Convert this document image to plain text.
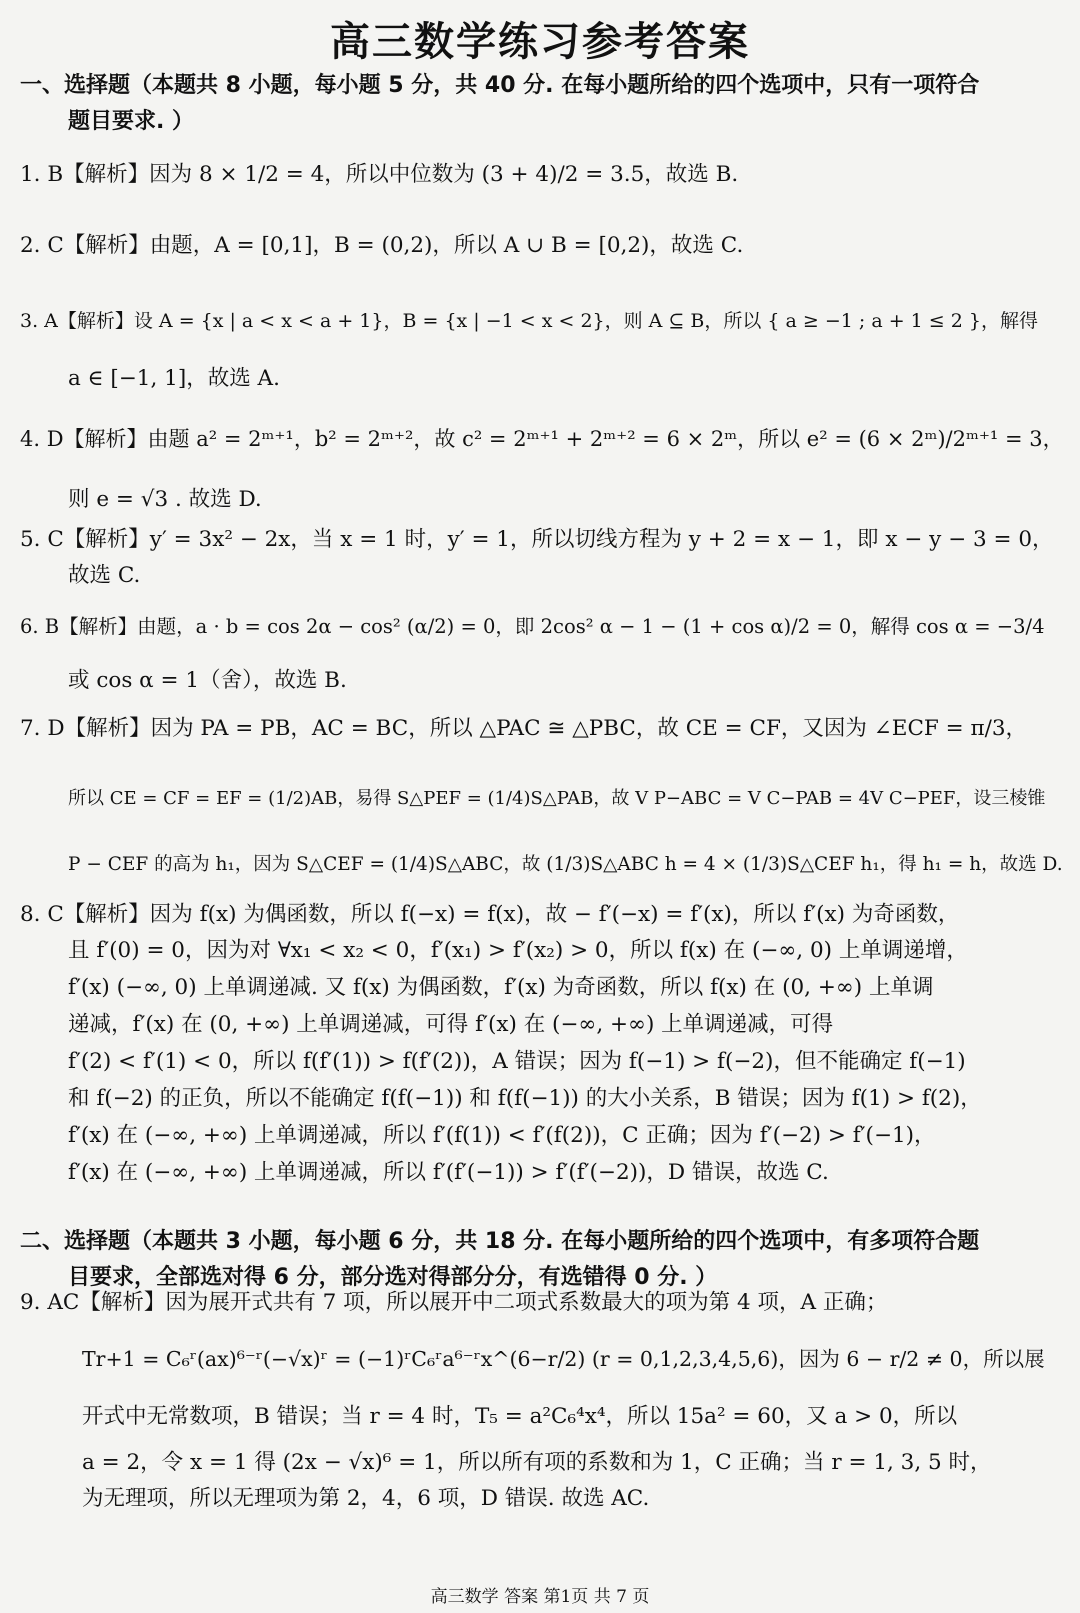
高三数学练习参考答案
一、选择题（本题共 8 小题，每小题 5 分，共 40 分. 在每小题所给的四个选项中，只有一项符合
题目要求. ）
1. B【解析】因为 8 × 1/2 = 4，所以中位数为 (3 + 4)/2 = 3.5，故选 B.
2. C【解析】由题，A = [0,1]，B = (0,2)，所以 A ∪ B = [0,2)，故选 C.
3. A【解析】设 A = {x | a < x < a + 1}，B = {x | −1 < x < 2}，则 A ⊆ B，所以 { a ≥ −1 ; a + 1 ≤ 2 }，解得
a ∈ [−1, 1]，故选 A.
4. D【解析】由题 a² = 2ᵐ⁺¹，b² = 2ᵐ⁺²，故 c² = 2ᵐ⁺¹ + 2ᵐ⁺² = 6 × 2ᵐ，所以 e² = (6 × 2ᵐ)/2ᵐ⁺¹ = 3，
则 e = √3 . 故选 D.
5. C【解析】y′ = 3x² − 2x，当 x = 1 时，y′ = 1，所以切线方程为 y + 2 = x − 1，即 x − y − 3 = 0，
故选 C.
6. B【解析】由题，a · b = cos 2α − cos² (α/2) = 0，即 2cos² α − 1 − (1 + cos α)/2 = 0，解得 cos α = −3/4
或 cos α = 1（舍），故选 B.
7. D【解析】因为 PA = PB，AC = BC，所以 △PAC ≅ △PBC，故 CE = CF，又因为 ∠ECF = π/3，
所以 CE = CF = EF = (1/2)AB，易得 S△PEF = (1/4)S△PAB，故 V P−ABC = V C−PAB = 4V C−PEF，设三棱锥
P − CEF 的高为 h₁，因为 S△CEF = (1/4)S△ABC，故 (1/3)S△ABC h = 4 × (1/3)S△CEF h₁，得 h₁ = h，故选 D.
8. C【解析】因为 f(x) 为偶函数，所以 f(−x) = f(x)，故 − f′(−x) = f′(x)，所以 f′(x) 为奇函数，
且 f′(0) = 0，因为对 ∀x₁ < x₂ < 0，f′(x₁) > f′(x₂) > 0，所以 f(x) 在 (−∞, 0) 上单调递增，
f′(x) (−∞, 0) 上单调递减. 又 f(x) 为偶函数，f′(x) 为奇函数，所以 f(x) 在 (0, +∞) 上单调
递减，f′(x) 在 (0, +∞) 上单调递减，可得 f′(x) 在 (−∞, +∞) 上单调递减，可得
f′(2) < f′(1) < 0，所以 f(f′(1)) > f(f′(2))，A 错误；因为 f(−1) > f(−2)，但不能确定 f(−1)
和 f(−2) 的正负，所以不能确定 f(f(−1)) 和 f(f(−1)) 的大小关系，B 错误；因为 f(1) > f(2)，
f′(x) 在 (−∞, +∞) 上单调递减，所以 f′(f(1)) < f′(f(2))，C 正确；因为 f′(−2) > f′(−1)，
f′(x) 在 (−∞, +∞) 上单调递减，所以 f′(f′(−1)) > f′(f′(−2))，D 错误，故选 C.
二、选择题（本题共 3 小题，每小题 6 分，共 18 分. 在每小题所给的四个选项中，有多项符合题
目要求，全部选对得 6 分，部分选对得部分分，有选错得 0 分. ）
9. AC【解析】因为展开式共有 7 项，所以展开中二项式系数最大的项为第 4 项，A 正确；
Tr+1 = C₆ʳ(ax)⁶⁻ʳ(−√x)ʳ = (−1)ʳC₆ʳa⁶⁻ʳx^(6−r/2) (r = 0,1,2,3,4,5,6)，因为 6 − r/2 ≠ 0，所以展
开式中无常数项，B 错误；当 r = 4 时，T₅ = a²C₆⁴x⁴，所以 15a² = 60，又 a > 0，所以
a = 2，令 x = 1 得 (2x − √x)⁶ = 1，所以所有项的系数和为 1，C 正确；当 r = 1, 3, 5 时，
为无理项，所以无理项为第 2，4，6 项，D 错误. 故选 AC.
高三数学 答案 第1页 共 7 页
